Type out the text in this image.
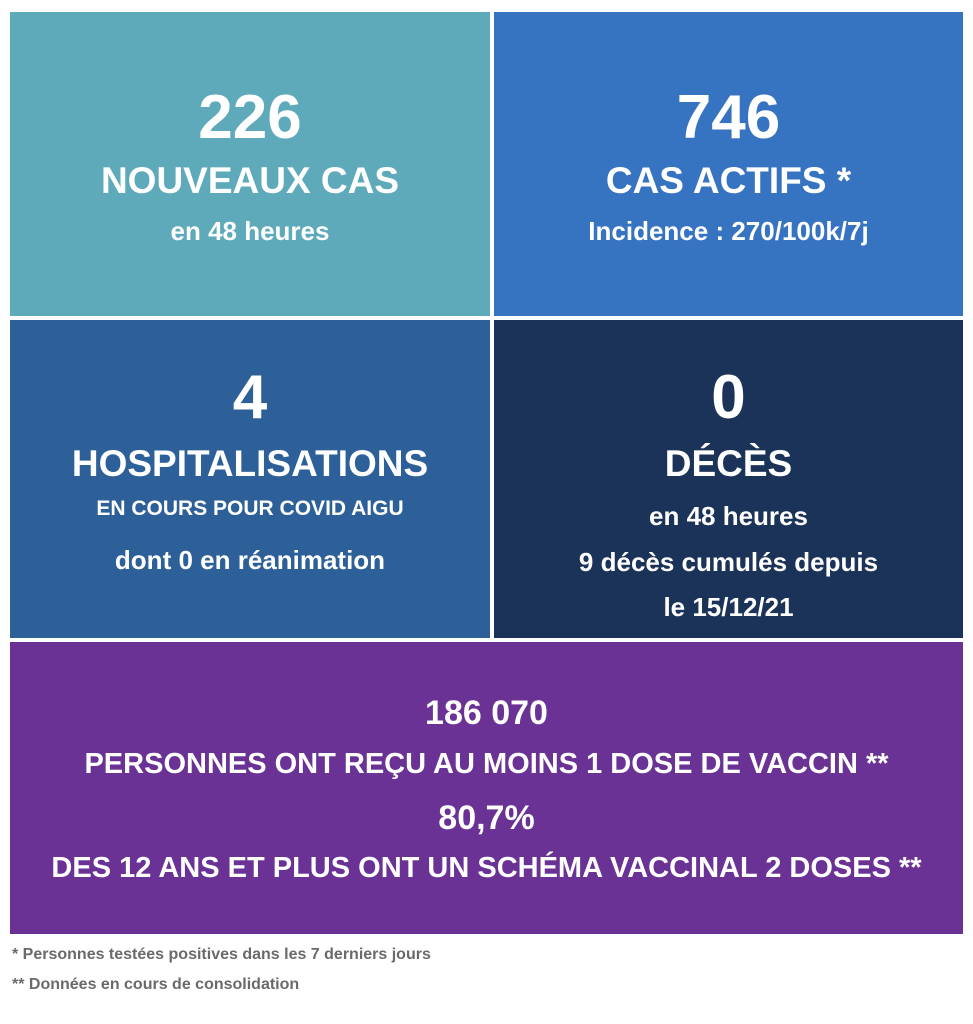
226
NOUVEAUX CAS
en 48 heures
746
CAS ACTIFS *
Incidence : 270/100k/7j
4
HOSPITALISATIONS
EN COURS POUR COVID AIGU
dont 0 en réanimation
0
DÉCÈS
en 48 heures
9 décès cumulés depuis
le 15/12/21
186 070
PERSONNES ONT REÇU AU MOINS 1 DOSE DE VACCIN **
80,7%
DES 12 ANS ET PLUS ONT UN SCHÉMA VACCINAL 2 DOSES **
* Personnes testées positives dans les 7 derniers jours
** Données en cours de consolidation
